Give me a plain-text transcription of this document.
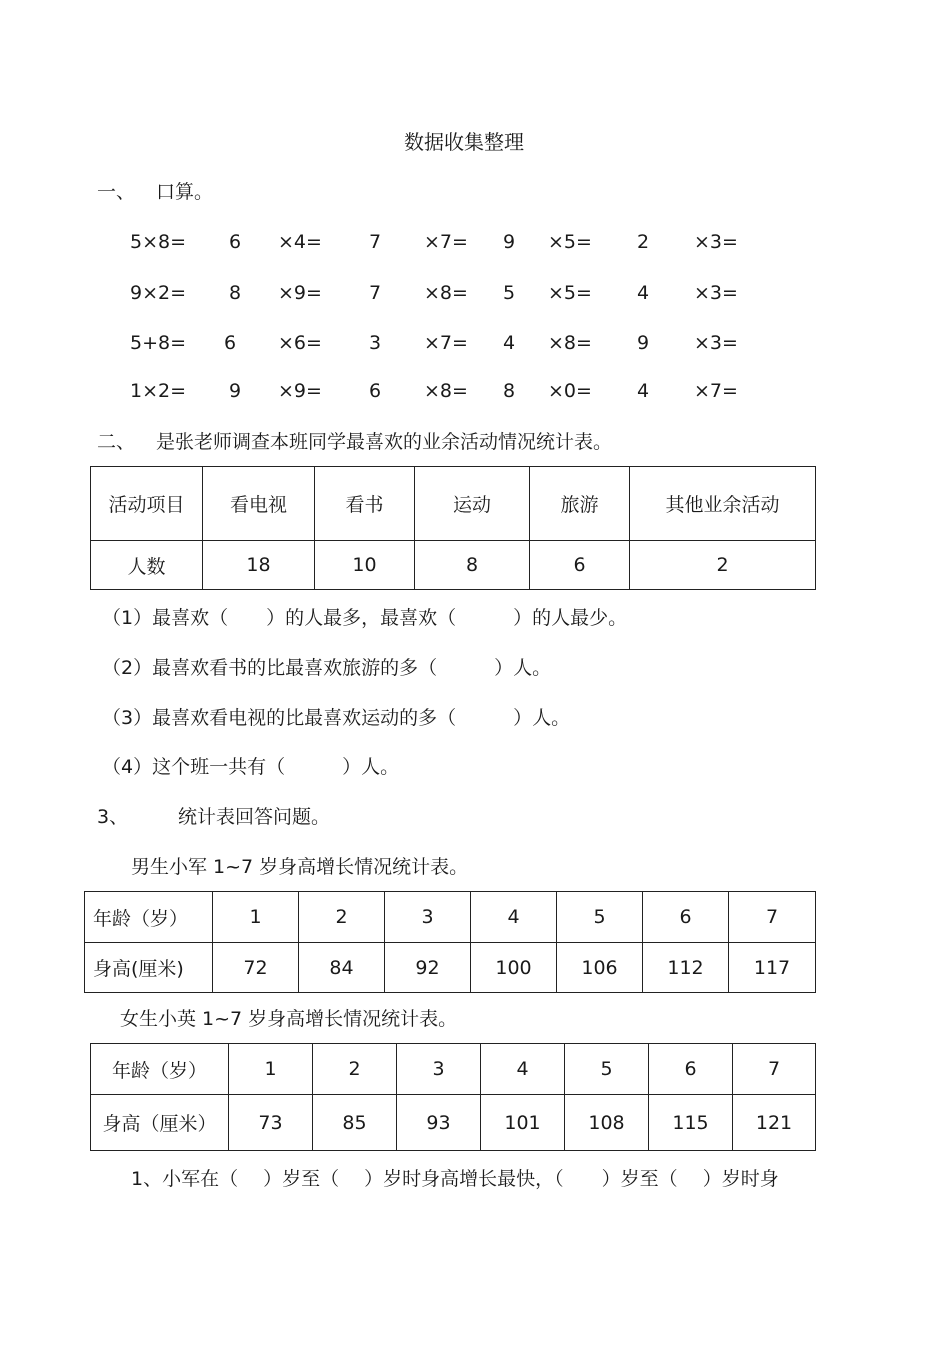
数据收集整理
一、 口算。
5×8= 6 ×4= 7 ×7= 9 ×5= 2 ×3=
9×2= 8 ×9= 7 ×8= 5 ×5= 4 ×3=
5+8= 6 ×6= 3 ×7= 4 ×8= 9 ×3=
1×2= 9 ×9= 6 ×8= 8 ×0= 4 ×7=
二、 是张老师调查本班同学最喜欢的业余活动情况统计表。
活动项目	看电视	看书	运动	旅游	其他业余活动
人数	18	10	8	6	2
（1）最喜欢（　　）的人最多，最喜欢（　　　）的人最少。
（2）最喜欢看书的比最喜欢旅游的多（　　　）人。
（3）最喜欢看电视的比最喜欢运动的多（　　　）人。
（4）这个班一共有（　　　）人。
3、	统计表回答问题。
男生小军 1~7 岁身高增长情况统计表。
年龄（岁）	1	2	3	4	5	6	7
身高(厘米)	72	84	92	100	106	112	117
女生小英 1~7 岁身高增长情况统计表。
年龄（岁）	1	2	3	4	5	6	7
身高（厘米）	73	85	93	101	108	115	121
1、小军在（　 ）岁至（　 ）岁时身高增长最快，（　　）岁至（　 ）岁时身
